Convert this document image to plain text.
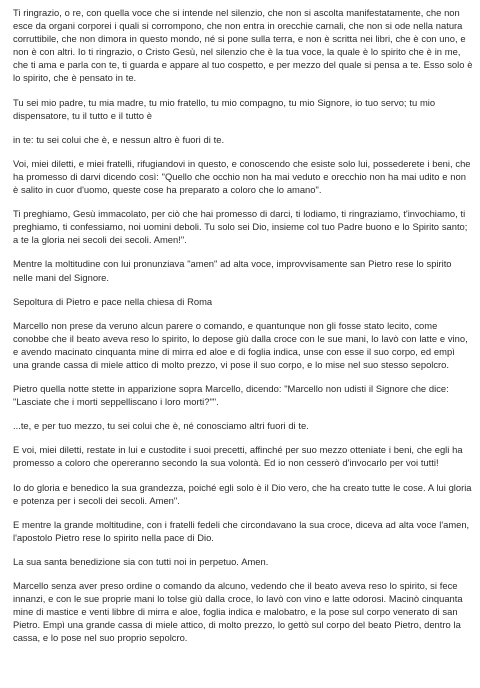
Ti ringrazio, o re, con quella voce che si intende nel silenzio, che non si ascolta manifestatamente, che non esce da organi corporei i quali si corrompono, che non entra in orecchie carnali, che non si ode nella natura corruttibile, che non dimora in questo mondo, né si pone sulla terra, e non è scritta nei libri, che è con uno, e non è con altri. Io ti ringrazio, o Cristo Gesù, nel silenzio che è la tua voce, la quale è lo spirito che è in me, che ti ama e parla con te, ti guarda e appare al tuo cospetto, e per mezzo del quale si pensa a te. Esso solo è lo spirito, che è pensato in te.

Tu sei mio padre, tu mia madre, tu mio fratello, tu mio compagno, tu mio Signore, io tuo servo; tu mio dispensatore, tu il tutto e il tutto è

in te: tu sei colui che è, e nessun altro è fuori di te.

Voi, miei diletti, e miei fratelli, rifugiandovi in questo, e conoscendo che esiste solo lui, possederete i beni, che ha promesso di darvi dicendo così: "Quello che occhio non ha mai veduto e orecchio non ha mai udito e non è salito in cuor d'uomo, queste cose ha preparato a coloro che lo amano".

Ti preghiamo, Gesù immacolato, per ciò che hai promesso di darci, ti lodiamo, ti ringraziamo, t'invochiamo, ti preghiamo, ti confessiamo, noi uomini deboli. Tu solo sei Dio, insieme col tuo Padre buono e lo Spirito santo; a te la gloria nei secoli dei secoli. Amen!".

Mentre la moltitudine con lui pronunziava "amen" ad alta voce, improvvisamente san Pietro rese lo spirito nelle mani del Signore.

Sepoltura di Pietro e pace nella chiesa di Roma

Marcello non prese da veruno alcun parere o comando, e quantunque non gli fosse stato lecito, come conobbe che il beato aveva reso lo spirito, lo depose giù dalla croce con le sue mani, lo lavò con latte e vino, e avendo macinato cinquanta mine di mirra ed aloe e di foglia indica, unse con esse il suo corpo, ed empì una grande cassa di miele attico di molto prezzo, vi pose il suo corpo, e lo mise nel suo stesso sepolcro.

Pietro quella notte stette in apparizione sopra Marcello, dicendo: "Marcello non udisti il Signore che dice: "Lasciate che i morti seppelliscano i loro morti?"".

...te, e per tuo mezzo, tu sei colui che è, né conosciamo altri fuori di te.

E voi, miei diletti, restate in lui e custodite i suoi precetti, affinché per suo mezzo otteniate i beni, che egli ha promesso a coloro che opereranno secondo la sua volontà. Ed io non cesserò d'invocarlo per voi tutti!

Io do gloria e benedico la sua grandezza, poiché egli solo è il Dio vero, che ha creato tutte le cose. A lui gloria e potenza per i secoli dei secoli. Amen".

E mentre la grande moltitudine, con i fratelli fedeli che circondavano la sua croce, diceva ad alta voce l'amen, l'apostolo Pietro rese lo spirito nella pace di Dio.

La sua santa benedizione sia con tutti noi in perpetuo. Amen.

Marcello senza aver preso ordine o comando da alcuno, vedendo che il beato aveva reso lo spirito, si fece innanzi, e con le sue proprie mani lo tolse giù dalla croce, lo lavò con vino e latte odorosi. Macinò cinquanta mine di mastice e venti libbre di mirra e aloe, foglia indica e malobatro, e la pose sul corpo venerato di san Pietro. Empì una grande cassa di miele attico, di molto prezzo, lo gettò sul corpo del beato Pietro, dentro la cassa, e lo pose nel suo proprio sepolcro.
